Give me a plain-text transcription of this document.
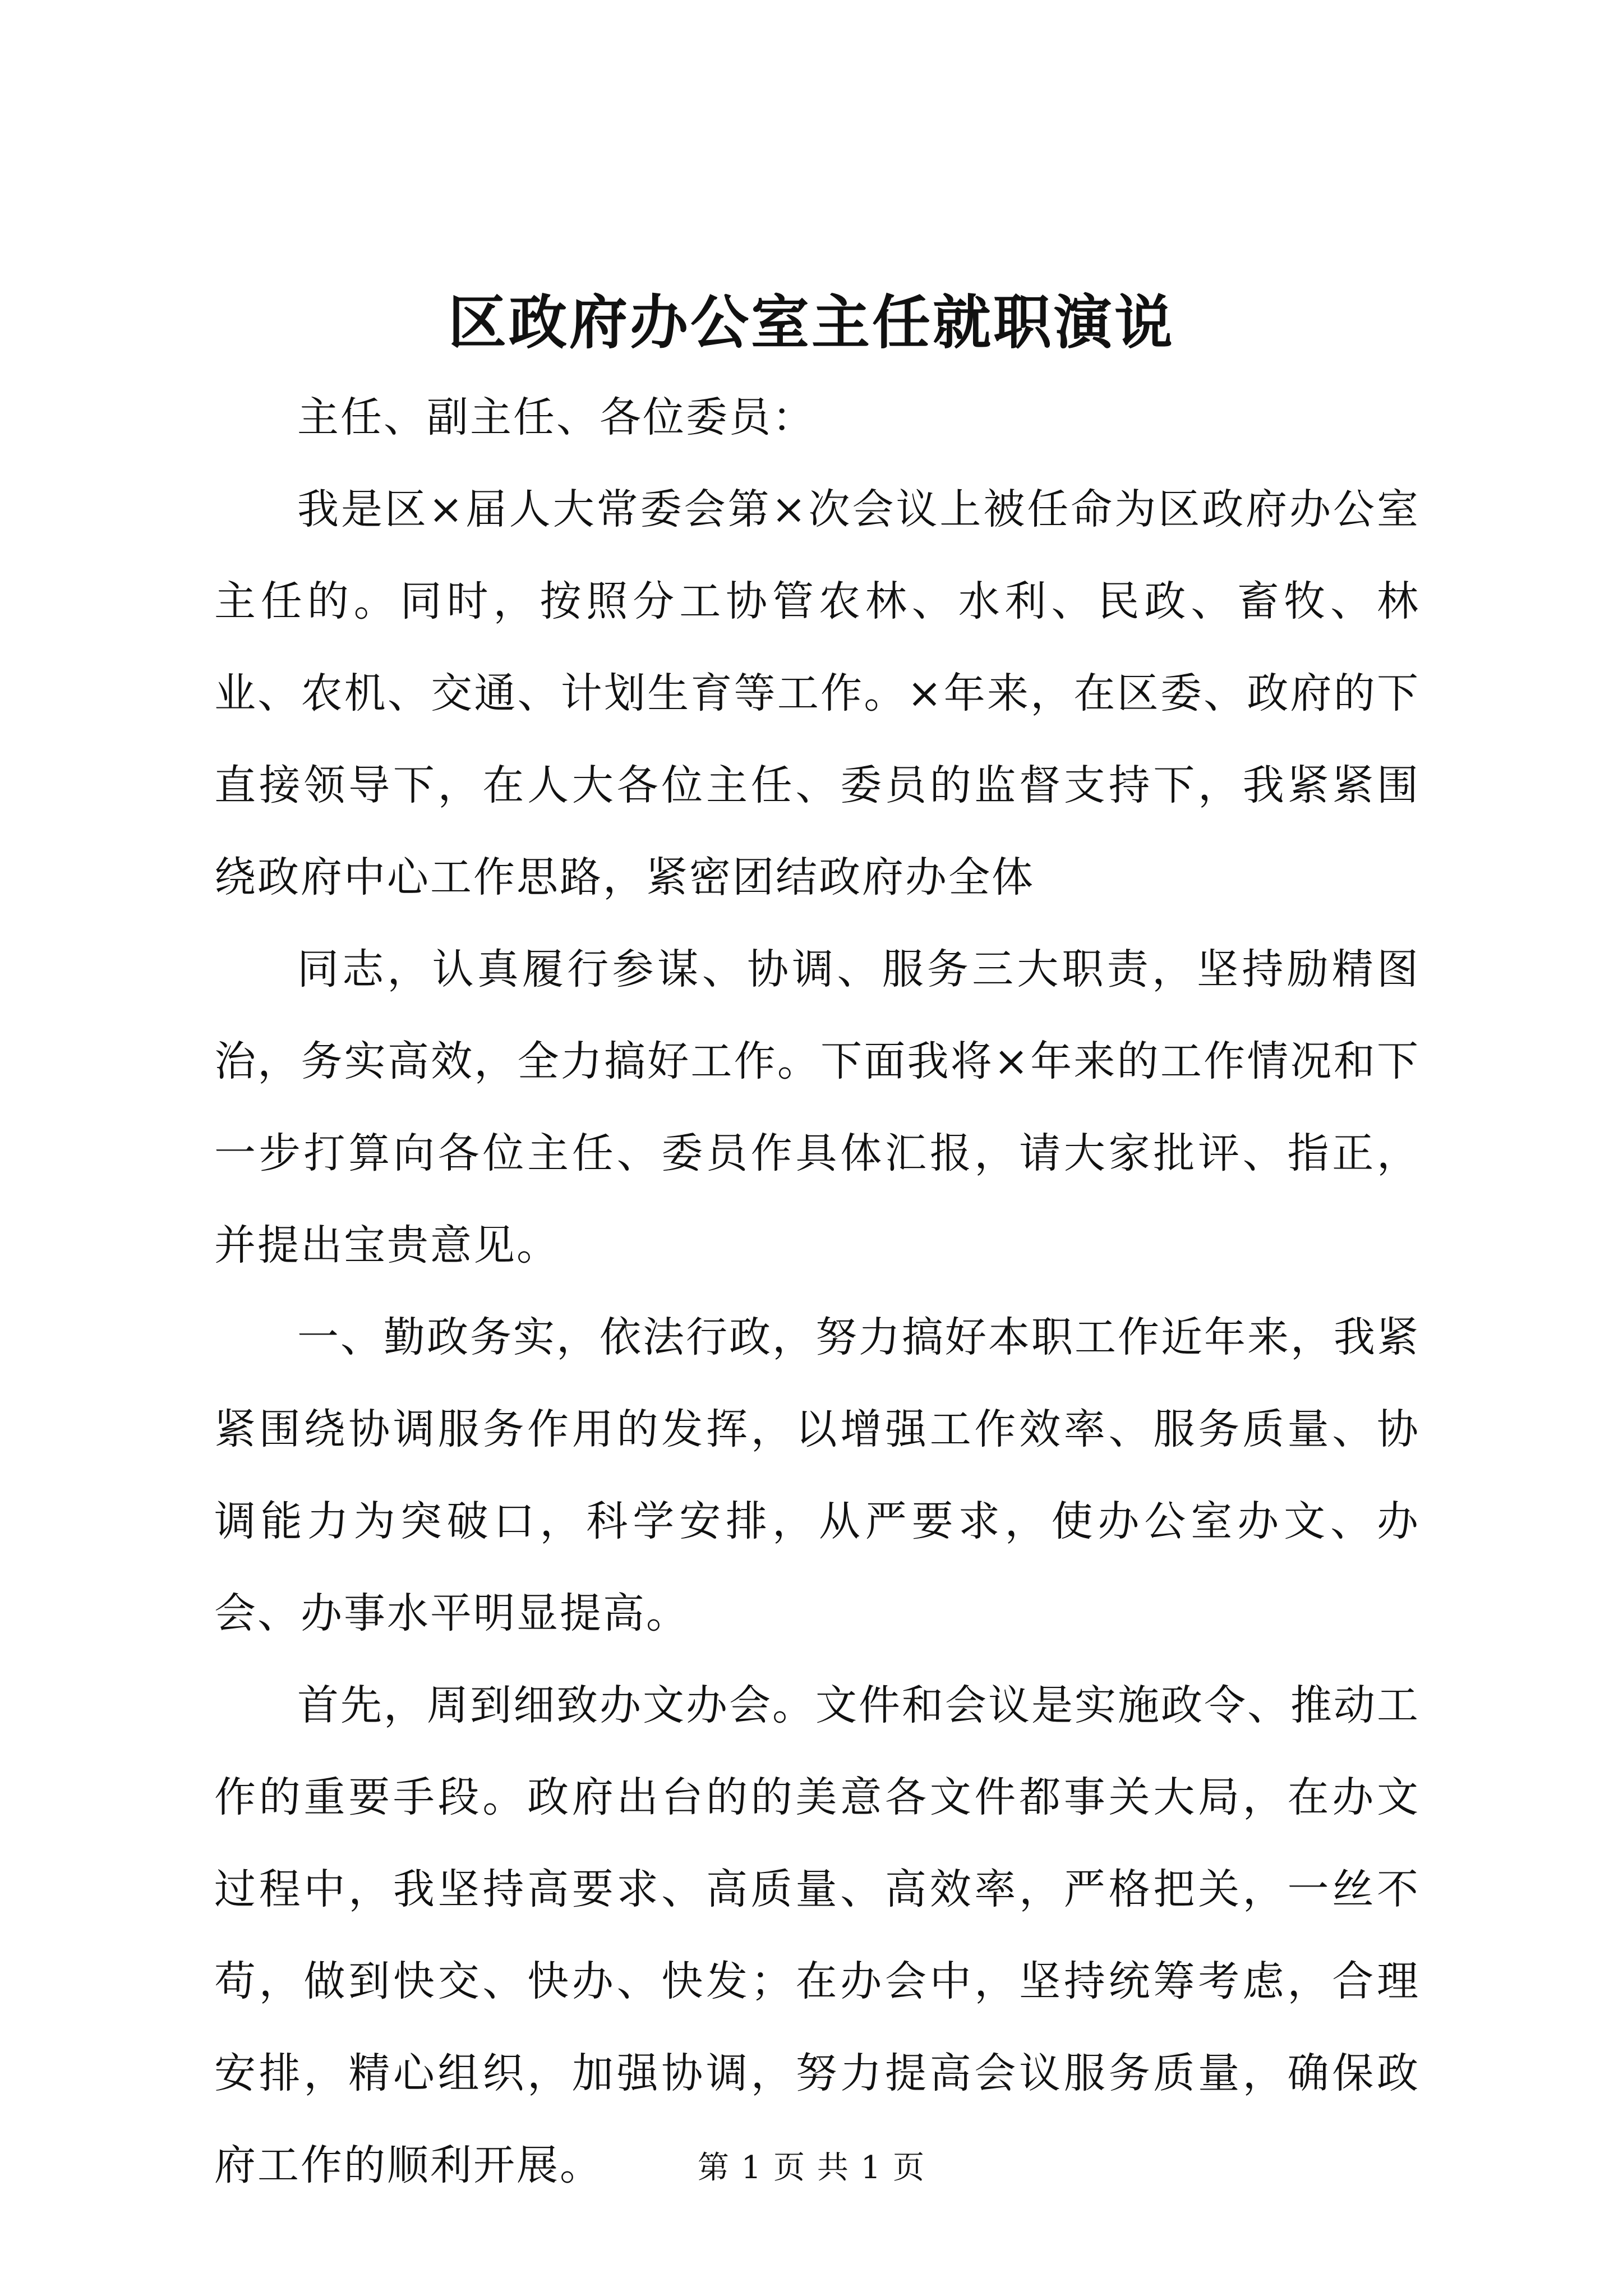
区政府办公室主任就职演说

主任、副主任、各位委员：

我是区×届人大常委会第×次会议上被任命为区政府办公室主任的。同时，按照分工协管农林、水利、民政、畜牧、林业、农机、交通、计划生育等工作。×年来，在区委、政府的下直接领导下，在人大各位主任、委员的监督支持下，我紧紧围绕政府中心工作思路，紧密团结政府办全体

同志，认真履行参谋、协调、服务三大职责，坚持励精图治，务实高效，全力搞好工作。下面我将×年来的工作情况和下一步打算向各位主任、委员作具体汇报，请大家批评、指正，并提出宝贵意见。

一、勤政务实，依法行政，努力搞好本职工作近年来，我紧紧围绕协调服务作用的发挥，以增强工作效率、服务质量、协调能力为突破口，科学安排，从严要求，使办公室办文、办会、办事水平明显提高。

首先，周到细致办文办会。文件和会议是实施政令、推动工作的重要手段。政府出台的的美意各文件都事关大局，在办文过程中，我坚持高要求、高质量、高效率，严格把关，一丝不苟，做到快交、快办、快发；在办会中，坚持统筹考虑，合理安排，精心组织，加强协调，努力提高会议服务质量，确保政府工作的顺利开展。	第 1 页 共 1 页
